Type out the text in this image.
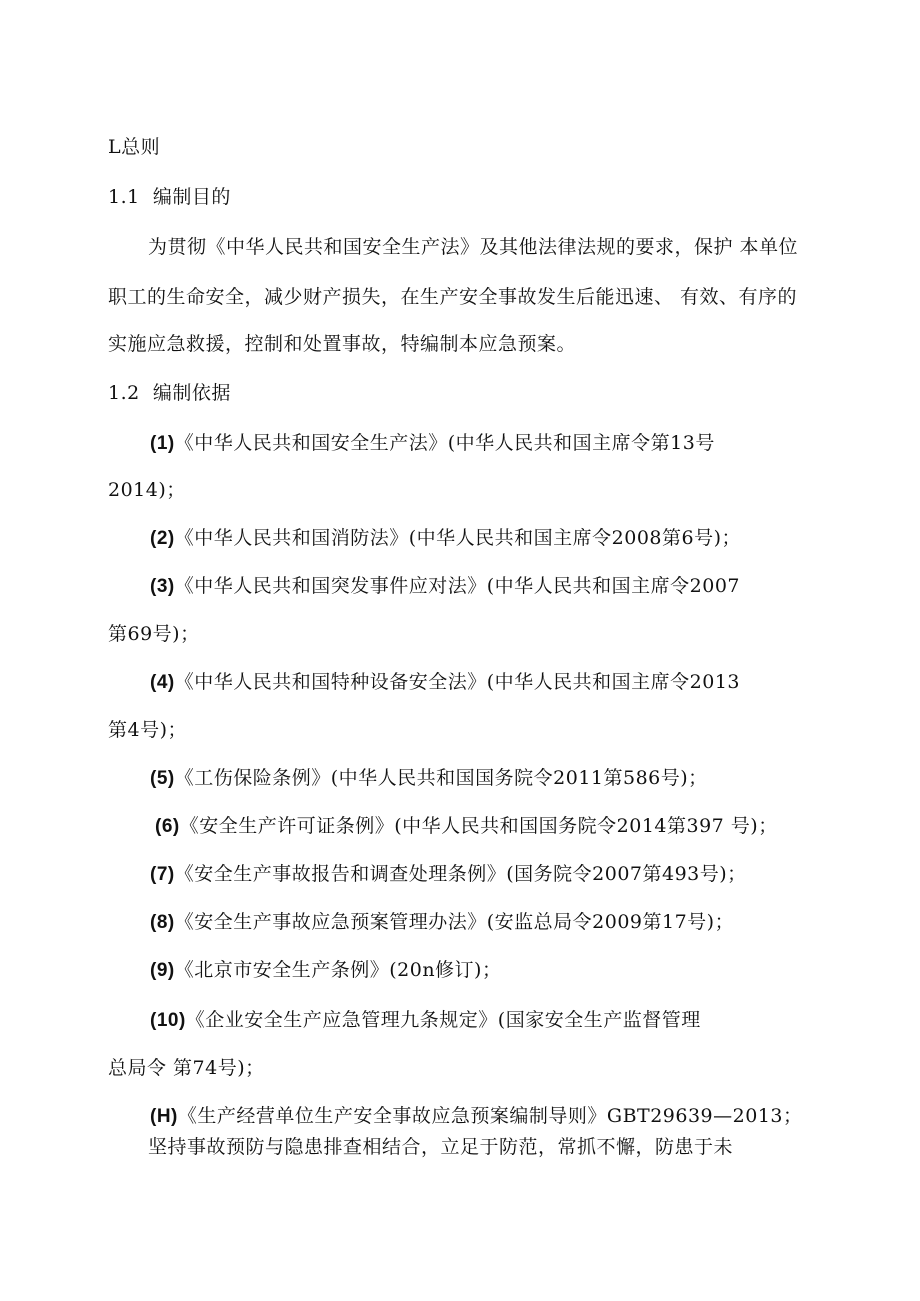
L总则
1.1 编制目的
为贯彻《中华人民共和国安全生产法》及其他法律法规的要求，保护 本单位
职工的生命安全，减少财产损失，在生产安全事故发生后能迅速、 有效、有序的
实施应急救援，控制和处置事故，特编制本应急预案。
1.2 编制依据
(1)《中华人民共和国安全生产法》(中华人民共和国主席令第13号
2014)；
(2)《中华人民共和国消防法》(中华人民共和国主席令2008第6号)；
(3)《中华人民共和国突发事件应对法》(中华人民共和国主席令2007
第69号)；
(4)《中华人民共和国特种设备安全法》(中华人民共和国主席令2013
第4号)；
(5)《工伤保险条例》(中华人民共和国国务院令2011第586号)；
(6)《安全生产许可证条例》(中华人民共和国国务院令2014第397 号)；
(7)《安全生产事故报告和调查处理条例》(国务院令2007第493号)；
(8)《安全生产事故应急预案管理办法》(安监总局令2009第17号)；
(9)《北京市安全生产条例》(20n修订)；
(10)《企业安全生产应急管理九条规定》(国家安全生产监督管理
总局令 第74号)；
(H)《生产经营单位生产安全事故应急预案编制导则》GBT29639—2013；
坚持事故预防与隐患排查相结合，立足于防范，常抓不懈，防患于未
